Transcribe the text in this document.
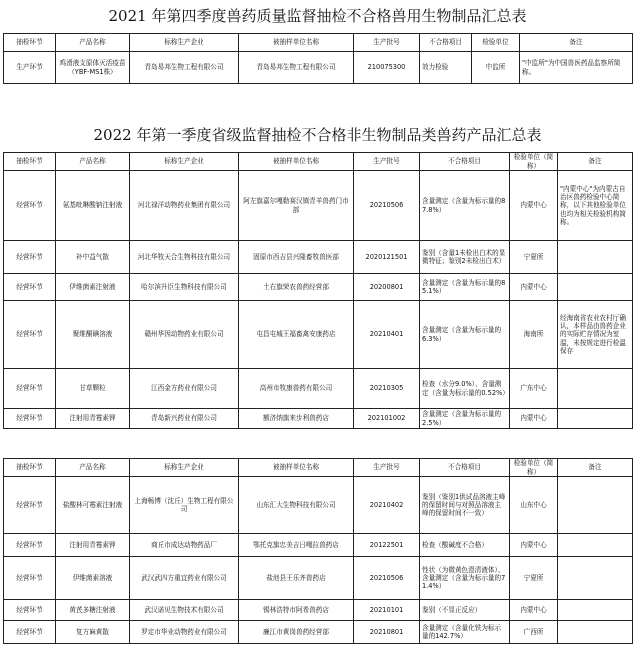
2021 年第四季度兽药质量监督抽检不合格兽用生物制品汇总表
抽检环节	产品名称	标称生产企业	被抽样单位名称	生产批号	不合格项目	检验单位	备注
生产环节	鸡滑液支原体灭活疫苗（YBF-MS1株）	青岛易邦生物工程有限公司	青岛易邦生物工程有限公司	210075300	效力检验	中监所	"中监所"为中国兽医药品监察所简称。
2022 年第一季度省级监督抽检不合格非生物制品类兽药产品汇总表
抽检环节	产品名称	标称生产企业	被抽样单位名称	生产批号	不合格项目	检验单位（简称）	备注
经营环节	氨基吡啉酸钠注射液	河北禄洋动物药业集团有限公司	阿左旗嘉尔嘎勒赛汉镇青羊兽药门市部	20210506	含量测定（含量为标示量的87.8%）	内蒙中心	"内蒙中心"为内蒙古自治区兽药检验中心简称，以下其他检验单位也均为相关检验机构简称。
经营环节	补中益气散	河北华牧天合生物科技有限公司	固原市西吉县兴隆畜牧兽医部	2020121501	鉴别（含量1未检出白术的显微特征；鉴别2未检出白术）	宁夏所	
经营环节	伊维菌素注射液	哈尔滨升臣生物科技有限公司	土右旗荣农兽药经营部	20200801	含量测定（含量为标示量的85.1%）	内蒙中心	
经营环节	聚维酮碘溶液	赣州华因动物药业有限公司	屯昌屯城王福畜禽安康药店	20210401	含量测定（含量为标示量的6.3%）	海南所	经海南省农业农村厅确认，本样品由兽药企业的实际贮存情况为室温，未按规定进行检温保存
经营环节	甘草颗粒	江西金方药业有限公司	高州市牧康兽药有限公司	20210305	检查（水分9.0%）、含量测定（含量为标示量的0.52%）	广东中心	
经营环节	注射用青霉素钾	青岛新兴药业有限公司	额济纳旗来步利兽药店	202101002	含量测定（含量为标示量的2.5%）	内蒙中心	
抽检环节	产品名称	标称生产企业	被抽样单位名称	生产批号	不合格项目	检验单位（简称）	备注
经营环节	盐酸林可霉素注射液	上海畅博（沈丘）生物工程有限公司	山东汇大生物科技有限公司	20210402	鉴别（鉴别1供试品溶液主峰的保留时间与对照品溶液主峰的保留时间不一致）	山东中心	
经营环节	注射用青霉素钾	商丘市成达动物药品厂	鄂托克旗忠美吉日嘎拉兽药店	20122501	检查（酸碱度不合格）	内蒙中心	
经营环节	伊维菌素溶液	武汉武四方重宜药业有限公司	盐池县王乐齐兽药店	20210506	性状（为微黄色澄清液体）、含量测定（含量为标示量的71.4%）	宁夏所	
经营环节	黄芪多糖注射液	武汉诺见生物技术有限公司	锡林浩特市阿希兽药店	20210101	鉴别（不显正反应）	内蒙中心	
经营环节	复方麻黄散	罗定市华业动物药业有限公司	廉江市黄岗兽药经营部	20210801	含量测定（含量化铁为标示量的142.7%）	广西所	
